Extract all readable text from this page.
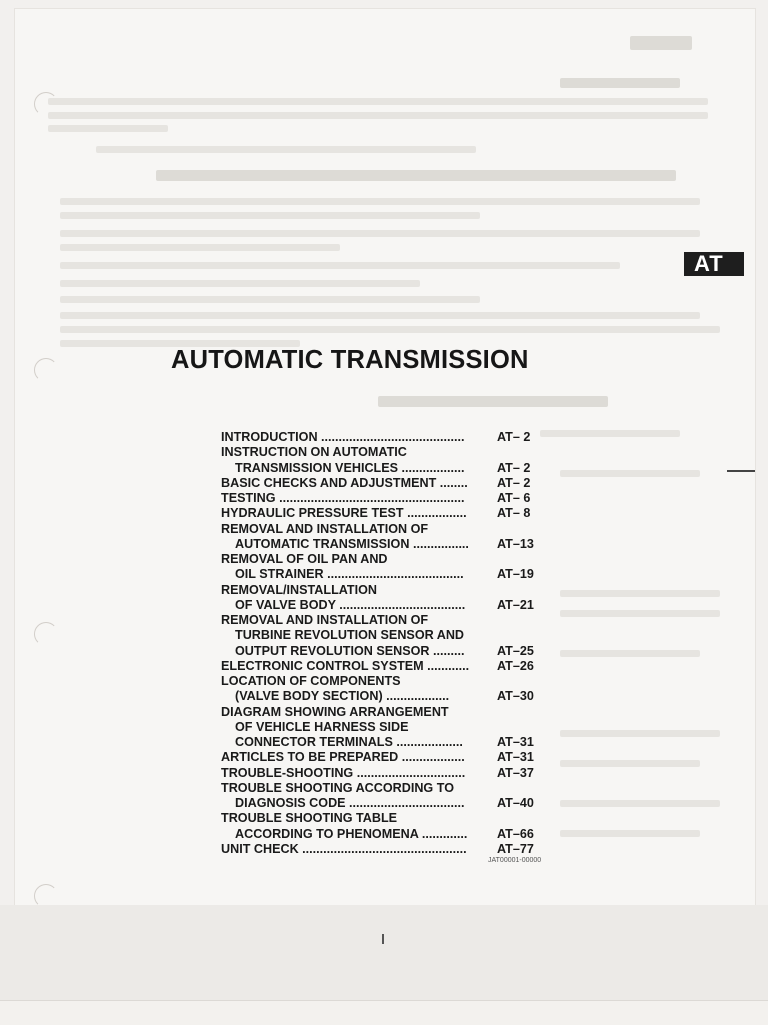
AT
AUTOMATIC TRANSMISSION
INTRODUCTION .........................................	AT– 2
INSTRUCTION ON AUTOMATIC
TRANSMISSION VEHICLES ..................	AT– 2
BASIC CHECKS AND ADJUSTMENT ........ AT– 2
TESTING .....................................................	AT– 6
HYDRAULIC PRESSURE TEST ................. AT– 8
REMOVAL AND INSTALLATION OF
AUTOMATIC TRANSMISSION ................ AT–13
REMOVAL OF OIL PAN AND
OIL STRAINER .......................................	AT–19
REMOVAL/INSTALLATION
OF VALVE BODY ....................................	AT–21
REMOVAL AND INSTALLATION OF
TURBINE REVOLUTION SENSOR AND
OUTPUT REVOLUTION SENSOR .........	AT–25
ELECTRONIC CONTROL SYSTEM ............ AT–26
LOCATION OF COMPONENTS
(VALVE BODY SECTION) ..................	AT–30
DIAGRAM SHOWING ARRANGEMENT
OF VEHICLE HARNESS SIDE
CONNECTOR TERMINALS ...................	AT–31
ARTICLES TO BE PREPARED ..................	AT–31
TROUBLE-SHOOTING ...............................	AT–37
TROUBLE SHOOTING ACCORDING TO
DIAGNOSIS CODE .................................	AT–40
TROUBLE SHOOTING TABLE
ACCORDING TO PHENOMENA ............. AT–66
UNIT CHECK ............................................... AT–77
JAT00001-00000
